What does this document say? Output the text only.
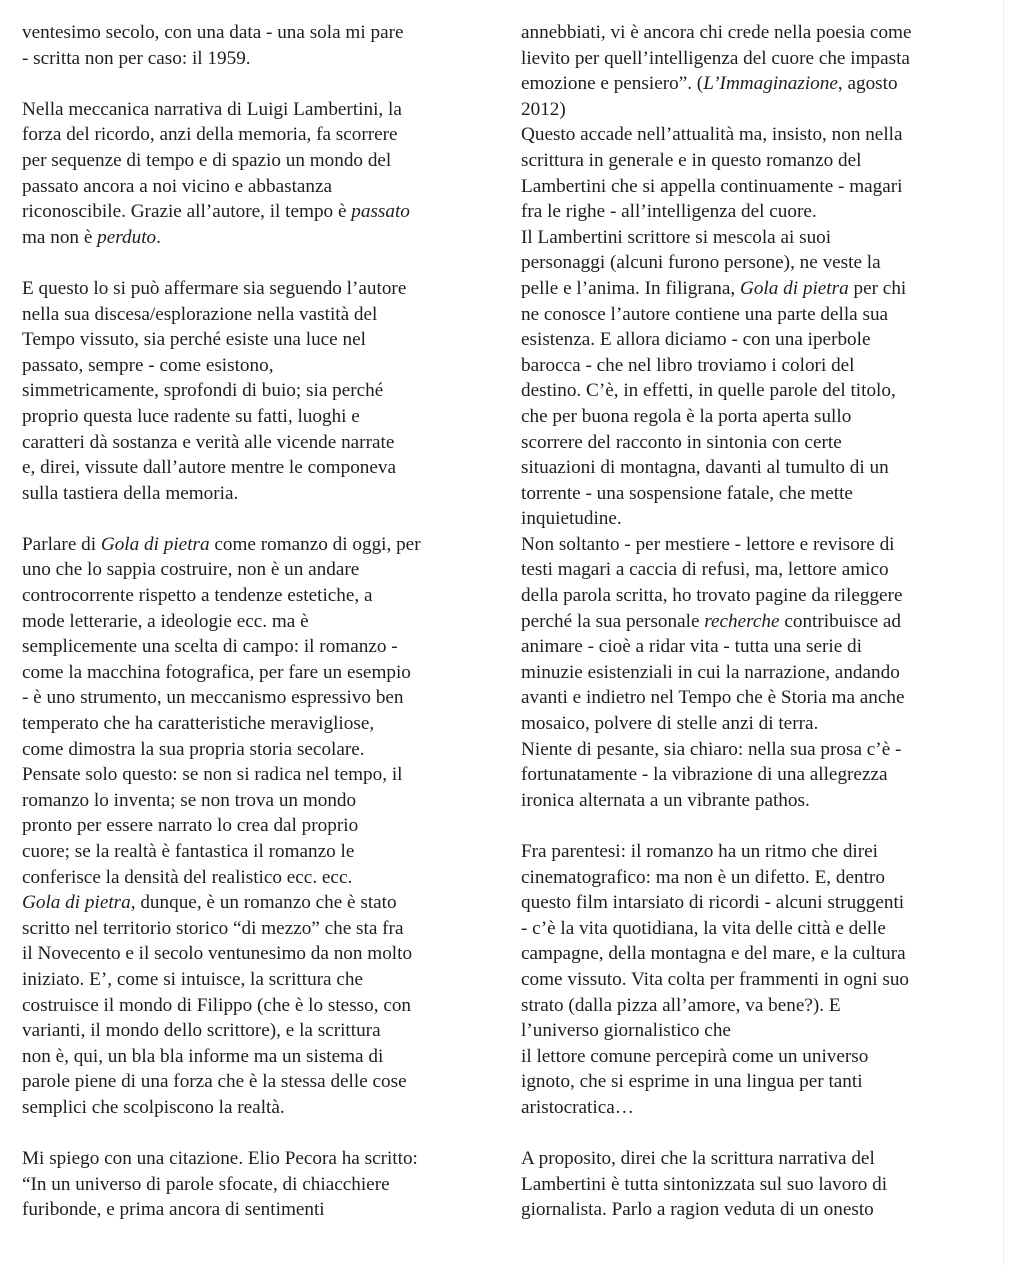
ventesimo secolo, con una data - una sola mi pare
- scritta non per caso: il 1959.
Nella meccanica narrativa di Luigi Lambertini, la
forza del ricordo, anzi della memoria, fa scorrere
per sequenze di tempo e di spazio un mondo del
passato ancora a noi vicino e abbastanza
riconoscibile. Grazie all’autore, il tempo è passato
ma non è perduto.
E questo lo si può affermare sia seguendo l’autore
nella sua discesa/esplorazione nella vastità del
Tempo vissuto, sia perché esiste una luce nel
passato, sempre - come esistono,
simmetricamente, sprofondi di buio; sia perché
proprio questa luce radente su fatti, luoghi e
caratteri dà sostanza e verità alle vicende narrate
e, direi, vissute dall’autore mentre le componeva
sulla tastiera della memoria.
Parlare di Gola di pietra come romanzo di oggi, per
uno che lo sappia costruire, non è un andare
controcorrente rispetto a tendenze estetiche, a
mode letterarie, a ideologie ecc. ma è
semplicemente una scelta di campo: il romanzo -
come la macchina fotografica, per fare un esempio
- è uno strumento, un meccanismo espressivo ben
temperato che ha caratteristiche meravigliose,
come dimostra la sua propria storia secolare.
Pensate solo questo: se non si radica nel tempo, il
romanzo lo inventa; se non trova un mondo
pronto per essere narrato lo crea dal proprio
cuore; se la realtà è fantastica il romanzo le
conferisce la densità del realistico ecc. ecc.
Gola di pietra, dunque, è un romanzo che è stato
scritto nel territorio storico “di mezzo” che sta fra
il Novecento e il secolo ventunesimo da non molto
iniziato. E’, come si intuisce, la scrittura che
costruisce il mondo di Filippo (che è lo stesso, con
varianti, il mondo dello scrittore), e la scrittura
non è, qui, un bla bla informe ma un sistema di
parole piene di una forza che è la stessa delle cose
semplici che scolpiscono la realtà.
Mi spiego con una citazione. Elio Pecora ha scritto:
“In un universo di parole sfocate, di chiacchiere
furibonde, e prima ancora di sentimenti
annebbiati, vi è ancora chi crede nella poesia come
lievito per quell’intelligenza del cuore che impasta
emozione e pensiero”. (L’Immaginazione, agosto
2012)
Questo accade nell’attualità ma, insisto, non nella
scrittura in generale e in questo romanzo del
Lambertini che si appella continuamente - magari
fra le righe - all’intelligenza del cuore.
Il Lambertini scrittore si mescola ai suoi
personaggi (alcuni furono persone), ne veste la
pelle e l’anima. In filigrana, Gola di pietra per chi
ne conosce l’autore contiene una parte della sua
esistenza. E allora diciamo - con una iperbole
barocca - che nel libro troviamo i colori del
destino. C’è, in effetti, in quelle parole del titolo,
che per buona regola è la porta aperta sullo
scorrere del racconto in sintonia con certe
situazioni di montagna, davanti al tumulto di un
torrente - una sospensione fatale, che mette
inquietudine.
Non soltanto - per mestiere - lettore e revisore di
testi magari a caccia di refusi, ma, lettore amico
della parola scritta, ho trovato pagine da rileggere
perché la sua personale recherche contribuisce ad
animare - cioè a ridar vita - tutta una serie di
minuzie esistenziali in cui la narrazione, andando
avanti e indietro nel Tempo che è Storia ma anche
mosaico, polvere di stelle anzi di terra.
Niente di pesante, sia chiaro: nella sua prosa c’è -
fortunatamente - la vibrazione di una allegrezza
ironica alternata a un vibrante pathos.
Fra parentesi: il romanzo ha un ritmo che direi
cinematografico: ma non è un difetto. E, dentro
questo film intarsiato di ricordi - alcuni struggenti
- c’è la vita quotidiana, la vita delle città e delle
campagne, della montagna e del mare, e la cultura
come vissuto. Vita colta per frammenti in ogni suo
strato (dalla pizza all’amore, va bene?). E
l’universo giornalistico che
il lettore comune percepirà come un universo
ignoto, che si esprime in una lingua per tanti
aristocratica…
A proposito, direi che la scrittura narrativa del
Lambertini è tutta sintonizzata sul suo lavoro di
giornalista. Parlo a ragion veduta di un onesto
